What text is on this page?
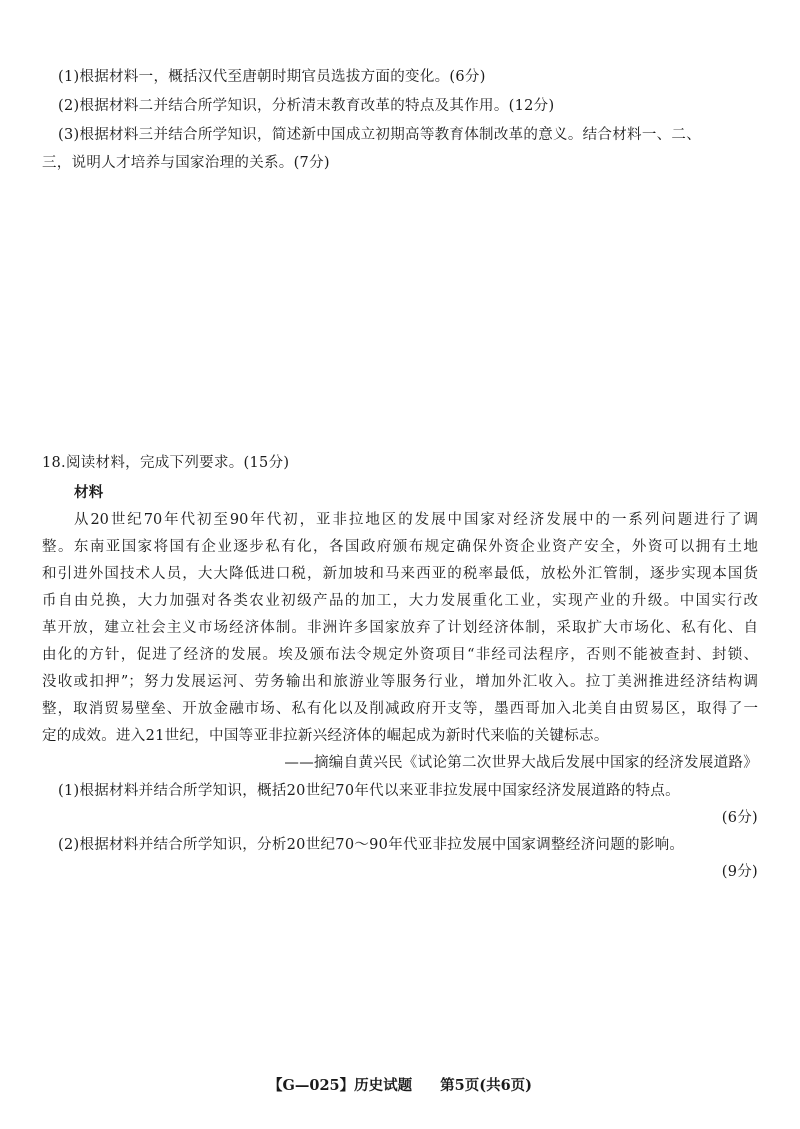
(1)根据材料一，概括汉代至唐朝时期官员选拔方面的变化。(6分)
(2)根据材料二并结合所学知识，分析清末教育改革的特点及其作用。(12分)
(3)根据材料三并结合所学知识，简述新中国成立初期高等教育体制改革的意义。结合材料一、二、
三，说明人才培养与国家治理的关系。(7分)
18.阅读材料，完成下列要求。(15分)
材料
从20世纪70年代初至90年代初，亚非拉地区的发展中国家对经济发展中的一系列问题进行了调
整。东南亚国家将国有企业逐步私有化，各国政府颁布规定确保外资企业资产安全，外资可以拥有土地
和引进外国技术人员，大大降低进口税，新加坡和马来西亚的税率最低，放松外汇管制，逐步实现本国货
币自由兑换，大力加强对各类农业初级产品的加工，大力发展重化工业，实现产业的升级。中国实行改
革开放，建立社会主义市场经济体制。非洲许多国家放弃了计划经济体制，采取扩大市场化、私有化、自
由化的方针，促进了经济的发展。埃及颁布法令规定外资项目“非经司法程序，否则不能被查封、封锁、
没收或扣押”；努力发展运河、劳务输出和旅游业等服务行业，增加外汇收入。拉丁美洲推进经济结构调
整，取消贸易壁垒、开放金融市场、私有化以及削减政府开支等，墨西哥加入北美自由贸易区，取得了一
定的成效。进入21世纪，中国等亚非拉新兴经济体的崛起成为新时代来临的关键标志。
——摘编自黄兴民《试论第二次世界大战后发展中国家的经济发展道路》
(1)根据材料并结合所学知识，概括20世纪70年代以来亚非拉发展中国家经济发展道路的特点。
(6分)
(2)根据材料并结合所学知识，分析20世纪70～90年代亚非拉发展中国家调整经济问题的影响。
(9分)
【G—025】历史试题 第5页(共6页)
